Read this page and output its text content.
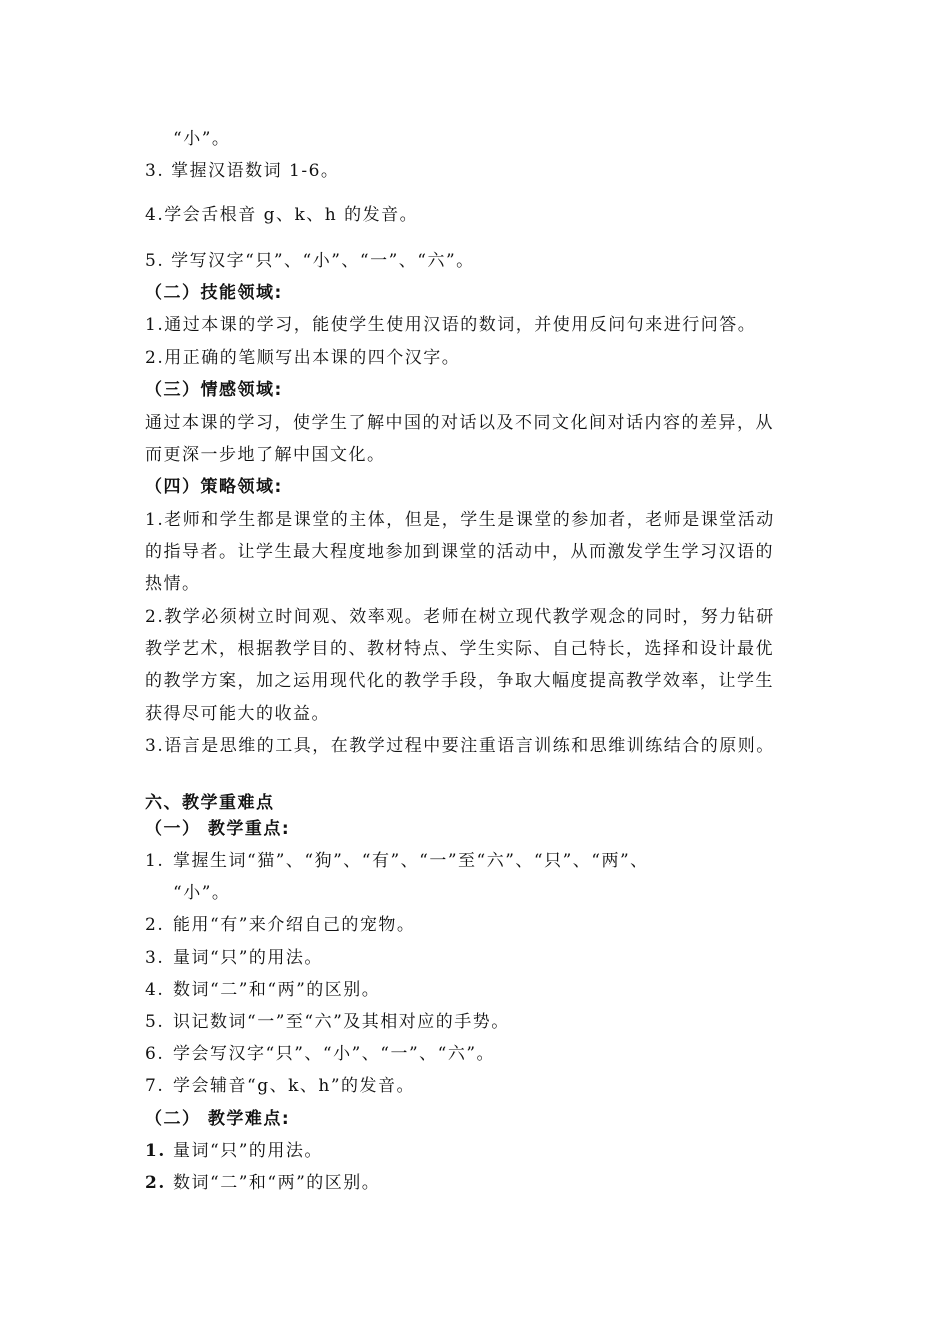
“小”。
3. 掌握汉语数词 1-6。
4.学会舌根音 g、k、h 的发音。
5. 学写汉字“只”、“小”、“一”、“六”。
（二）技能领域:
1.通过本课的学习，能使学生使用汉语的数词，并使用反问句来进行问答。
2.用正确的笔顺写出本课的四个汉字。
（三）情感领域:
通过本课的学习，使学生了解中国的对话以及不同文化间对话内容的差异，从
而更深一步地了解中国文化。
（四）策略领域:
1.老师和学生都是课堂的主体，但是，学生是课堂的参加者，老师是课堂活动
的指导者。让学生最大程度地参加到课堂的活动中，从而激发学生学习汉语的
热情。
2.教学必须树立时间观、效率观。老师在树立现代教学观念的同时，努力钻研
教学艺术，根据教学目的、教材特点、学生实际、自己特长，选择和设计最优
的教学方案，加之运用现代化的教学手段，争取大幅度提高教学效率，让学生
获得尽可能大的收益。
3.语言是思维的工具，在教学过程中要注重语言训练和思维训练结合的原则。
六、教学重难点
（一） 教学重点:
1. 掌握生词“猫”、“狗”、“有”、“一”至“六”、“只”、“两”、
“小”。
2. 能用“有”来介绍自己的宠物。
3. 量词“只”的用法。
4. 数词“二”和“两”的区别。
5. 识记数词“一”至“六”及其相对应的手势。
6. 学会写汉字“只”、“小”、“一”、“六”。
7. 学会辅音“g、k、h”的发音。
（二） 教学难点:
1. 量词“只”的用法。
2. 数词“二”和“两”的区别。
